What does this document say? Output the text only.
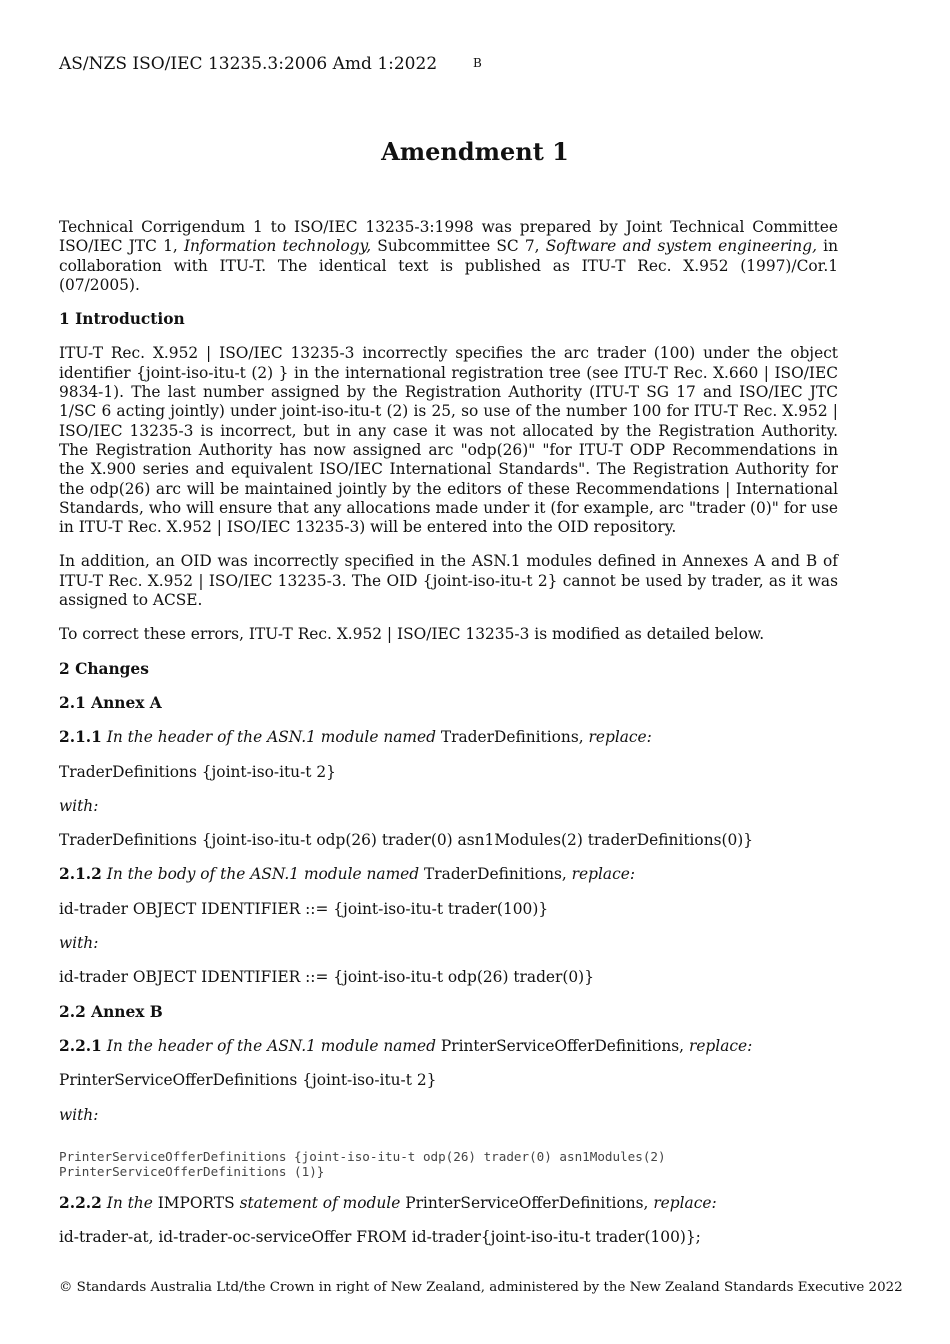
AS/NZS ISO/IEC 13235.3:2006 Amd 1:2022	B
Amendment 1

Technical Corrigendum 1 to ISO/IEC 13235-3:1998 was prepared by Joint Technical Committee ISO/IEC JTC 1, Information technology, Subcommittee SC 7, Software and system engineering, in collaboration with ITU-T. The identical text is published as ITU-T Rec. X.952 (1997)/Cor.1 (07/2005).

1 Introduction

ITU-T Rec. X.952 | ISO/IEC 13235-3 incorrectly specifies the arc trader (100) under the object identifier {joint-iso-itu-t (2) } in the international registration tree (see ITU-T Rec. X.660 | ISO/IEC 9834-1). The last number assigned by the Registration Authority (ITU-T SG 17 and ISO/IEC JTC 1/SC 6 acting jointly) under joint-iso-itu-t (2) is 25, so use of the number 100 for ITU-T Rec. X.952 | ISO/IEC 13235-3 is incorrect, but in any case it was not allocated by the Registration Authority. The Registration Authority has now assigned arc "odp(26)" "for ITU-T ODP Recommendations in the X.900 series and equivalent ISO/IEC International Standards". The Registration Authority for the odp(26) arc will be maintained jointly by the editors of these Recommendations | International Standards, who will ensure that any allocations made under it (for example, arc "trader (0)" for use in ITU-T Rec. X.952 | ISO/IEC 13235-3) will be entered into the OID repository.

In addition, an OID was incorrectly specified in the ASN.1 modules defined in Annexes A and B of ITU-T Rec. X.952 | ISO/IEC 13235-3. The OID {joint-iso-itu-t 2} cannot be used by trader, as it was assigned to ACSE.

To correct these errors, ITU-T Rec. X.952 | ISO/IEC 13235-3 is modified as detailed below.

2 Changes

2.1 Annex A

2.1.1 In the header of the ASN.1 module named TraderDefinitions, replace:

TraderDefinitions {joint-iso-itu-t 2}

with:

TraderDefinitions {joint-iso-itu-t odp(26) trader(0) asn1Modules(2) traderDefinitions(0)}

2.1.2 In the body of the ASN.1 module named TraderDefinitions, replace:

id-trader OBJECT IDENTIFIER ::= {joint-iso-itu-t trader(100)}

with:

id-trader OBJECT IDENTIFIER ::= {joint-iso-itu-t odp(26) trader(0)}

2.2 Annex B

2.2.1 In the header of the ASN.1 module named PrinterServiceOfferDefinitions, replace:

PrinterServiceOfferDefinitions {joint-iso-itu-t 2}

with:

PrinterServiceOfferDefinitions {joint-iso-itu-t odp(26) trader(0) asn1Modules(2)
PrinterServiceOfferDefinitions (1)}

2.2.2 In the IMPORTS statement of module PrinterServiceOfferDefinitions, replace:

id-trader-at, id-trader-oc-serviceOffer FROM id-trader{joint-iso-itu-t trader(100)};

© Standards Australia Ltd/the Crown in right of New Zealand, administered by the New Zealand Standards Executive 2022
